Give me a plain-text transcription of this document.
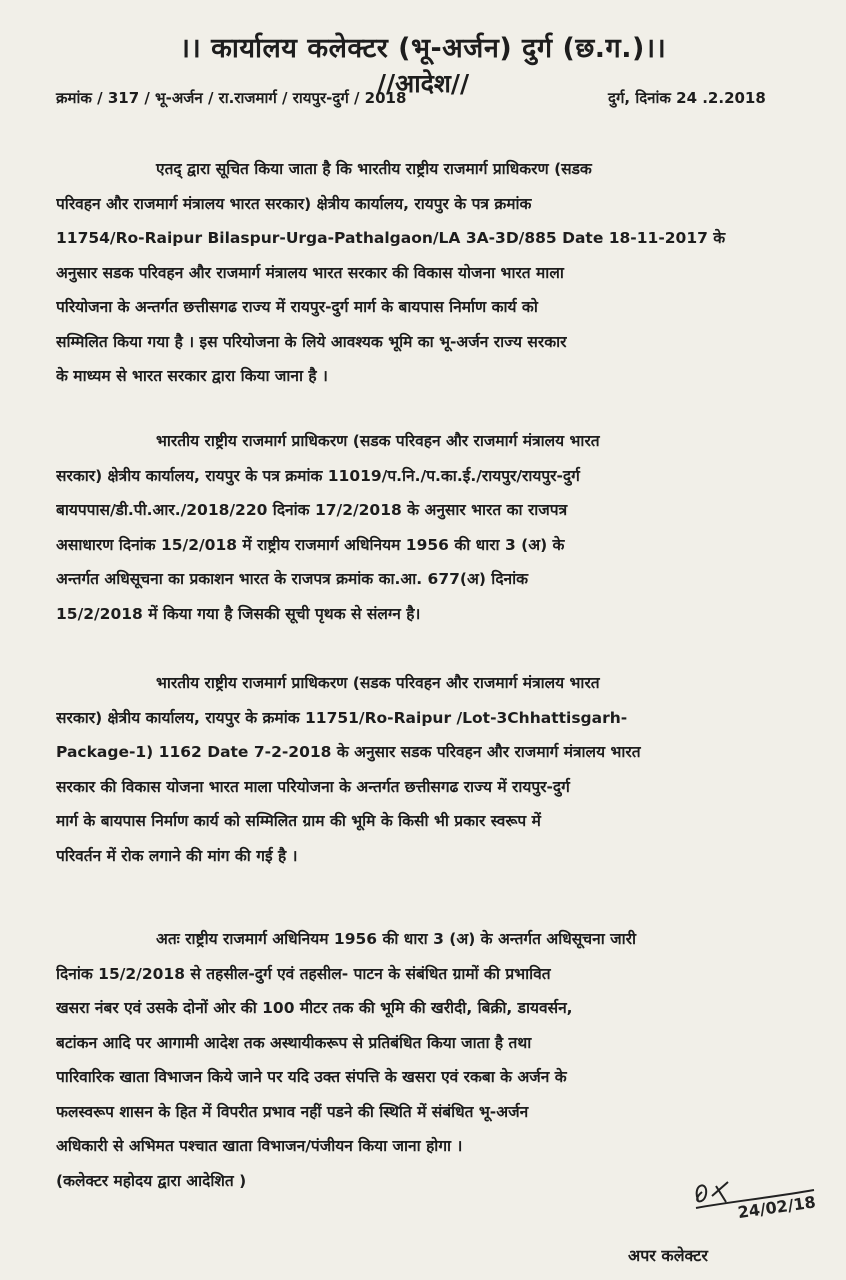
।। कार्यालय कलेक्टर (भू-अर्जन) दुर्ग (छ.ग.)।।
//आदेश//
क्रमांक / 317 / भू-अर्जन / रा.राजमार्ग / रायपुर-दुर्ग / 2018	दुर्ग, दिनांक 24 .2.2018
एतद् द्वारा सूचित किया जाता है कि भारतीय राष्ट्रीय राजमार्ग प्राधिकरण (सडक
परिवहन और राजमार्ग मंत्रालय भारत सरकार) क्षेत्रीय कार्यालय, रायपुर के पत्र क्रमांक
11754/Ro-Raipur Bilaspur-Urga-Pathalgaon/LA 3A-3D/885 Date 18-11-2017 के
अनुसार सडक परिवहन और राजमार्ग मंत्रालय भारत सरकार की विकास योजना भारत माला
परियोजना के अन्तर्गत छत्तीसगढ राज्य में रायपुर-दुर्ग मार्ग के बायपास निर्माण कार्य को
सम्मिलित किया गया है । इस परियोजना के लिये आवश्यक भूमि का भू-अर्जन राज्य सरकार
के माध्यम से भारत सरकार द्वारा किया जाना है ।
भारतीय राष्ट्रीय राजमार्ग प्राधिकरण (सडक परिवहन और राजमार्ग मंत्रालय भारत
सरकार) क्षेत्रीय कार्यालय, रायपुर के पत्र क्रमांक 11019/प.नि./प.का.ई./रायपुर/रायपुर-दुर्ग
बायपपास/डी.पी.आर./2018/220 दिनांक 17/2/2018 के अनुसार भारत का राजपत्र
असाधारण दिनांक 15/2/018 में राष्ट्रीय राजमार्ग अधिनियम 1956 की धारा 3 (अ) के
अन्तर्गत अधिसूचना का प्रकाशन भारत के राजपत्र क्रमांक का.आ. 677(अ) दिनांक
15/2/2018 में किया गया है जिसकी सूची पृथक से संलग्न है।
भारतीय राष्ट्रीय राजमार्ग प्राधिकरण (सडक परिवहन और राजमार्ग मंत्रालय भारत
सरकार) क्षेत्रीय कार्यालय, रायपुर के क्रमांक 11751/Ro-Raipur /Lot-3Chhattisgarh-
Package-1) 1162 Date 7-2-2018 के अनुसार सडक परिवहन और राजमार्ग मंत्रालय भारत
सरकार की विकास योजना भारत माला परियोजना के अन्तर्गत छत्तीसगढ राज्य में रायपुर-दुर्ग
मार्ग के बायपास निर्माण कार्य को सम्मिलित ग्राम की भूमि के किसी भी प्रकार स्वरूप में
परिवर्तन में रोक लगाने की मांग की गई है ।
अतः राष्ट्रीय राजमार्ग अधिनियम 1956 की धारा 3 (अ) के अन्तर्गत अधिसूचना जारी
दिनांक 15/2/2018 से तहसील-दुर्ग एवं तहसील- पाटन के संबंधित ग्रामों की प्रभावित
खसरा नंबर एवं उसके दोनों ओर की 100 मीटर तक की भूमि की खरीदी, बिक्री, डायवर्सन,
बटांकन आदि पर आगामी आदेश तक अस्थायीकरूप से प्रतिबंधित किया जाता है तथा
पारिवारिक खाता विभाजन किये जाने पर यदि उक्त संपत्ति के खसरा एवं रकबा के अर्जन के
फलस्वरूप शासन के हित में विपरीत प्रभाव नहीं पडने की स्थिति में संबंधित भू-अर्जन
अधिकारी से अभिमत पश्चात खाता विभाजन/पंजीयन किया जाना होगा ।
(कलेक्टर महोदय द्वारा आदेशित )
24/02/18
अपर कलेक्टर
